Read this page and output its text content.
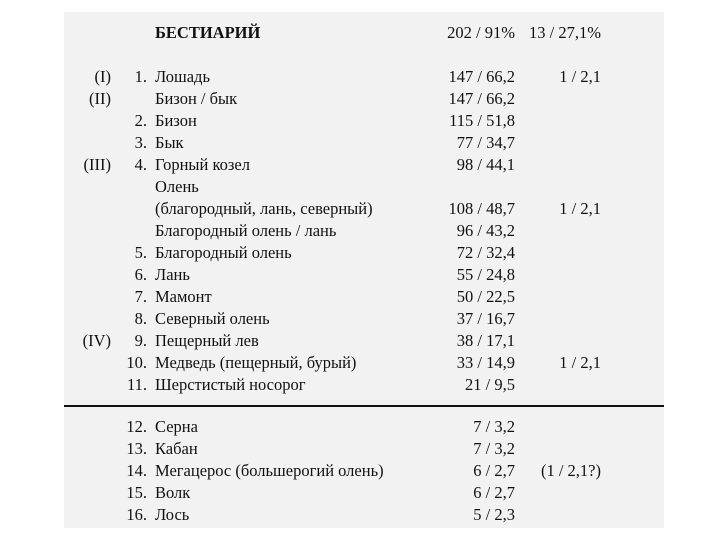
БЕСТИАРИЙ	202 / 91% 13 / 27,1%
(I) 1. Лошадь	147 / 66,2	1 / 2,1
(II)	Бизон / бык	147 / 66,2
2. Бизон	115 / 51,8
3. Бык	77 / 34,7
(III) 4. Горный козел	98 / 44,1
Олень
(благородный, лань, северный)	108 / 48,7	1 / 2,1
Благородный олень / лань	96 / 43,2
5. Благородный олень	72 / 32,4
6. Лань	55 / 24,8
7. Мамонт	50 / 22,5
8. Северный олень	37 / 16,7
(IV) 9. Пещерный лев	38 / 17,1
10. Медведь (пещерный, бурый)	33 / 14,9	1 / 2,1
11. Шерстистый носорог	21 / 9,5
12. Серна	7 / 3,2
13. Кабан	7 / 3,2
14. Мегацерос (большерогий олень)	6 / 2,7 (1 / 2,1?)
15. Волк	6 / 2,7
16. Лось	5 / 2,3
